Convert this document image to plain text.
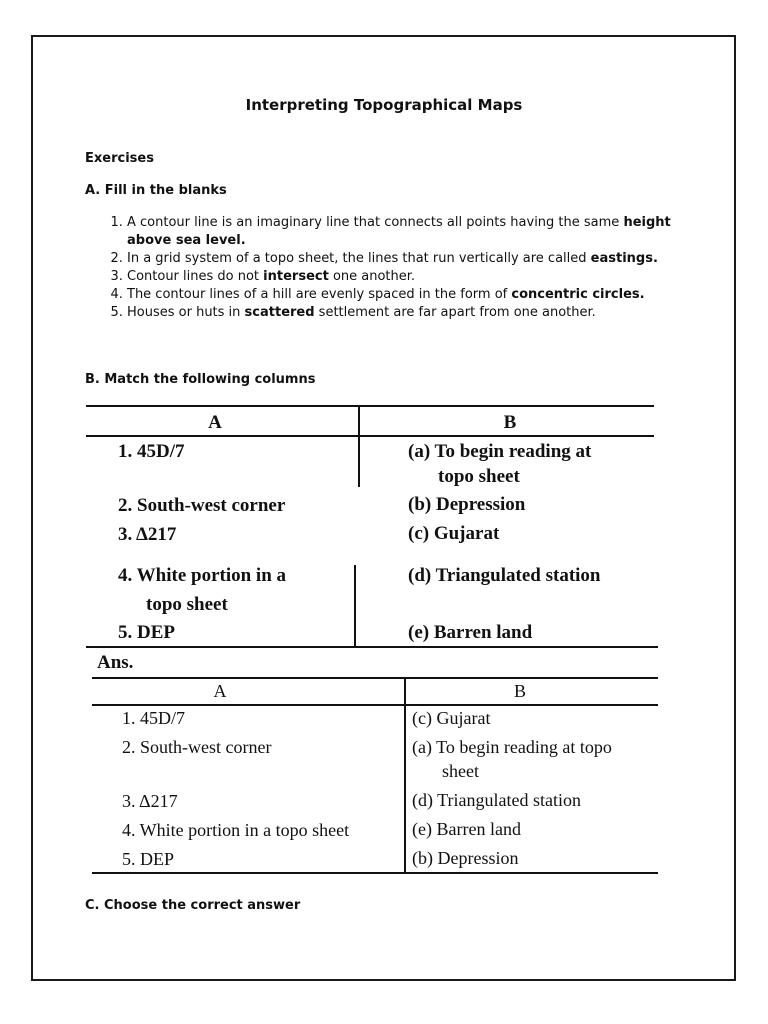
Interpreting Topographical Maps
Exercises
A. Fill in the blanks
1. A contour line is an imaginary line that connects all points having the same height above sea level.
2. In a grid system of a topo sheet, the lines that run vertically are called eastings.
3. Contour lines do not intersect one another.
4. The contour lines of a hill are evenly spaced in the form of concentric circles.
5. Houses or huts in scattered settlement are far apart from one another.
B. Match the following columns
A	B
1. 45D/7
2. South-west corner
3. Δ217
4. White portion in a
topo sheet
5. DEP
(a) To begin reading at
topo sheet
(b) Depression
(c) Gujarat
(d) Triangulated station
(e) Barren land
Ans.
A	B
1. 45D/7
2. South-west corner
3. Δ217
4. White portion in a topo sheet
5. DEP
(c) Gujarat
(a) To begin reading at topo
sheet
(d) Triangulated station
(e) Barren land
(b) Depression
C. Choose the correct answer
